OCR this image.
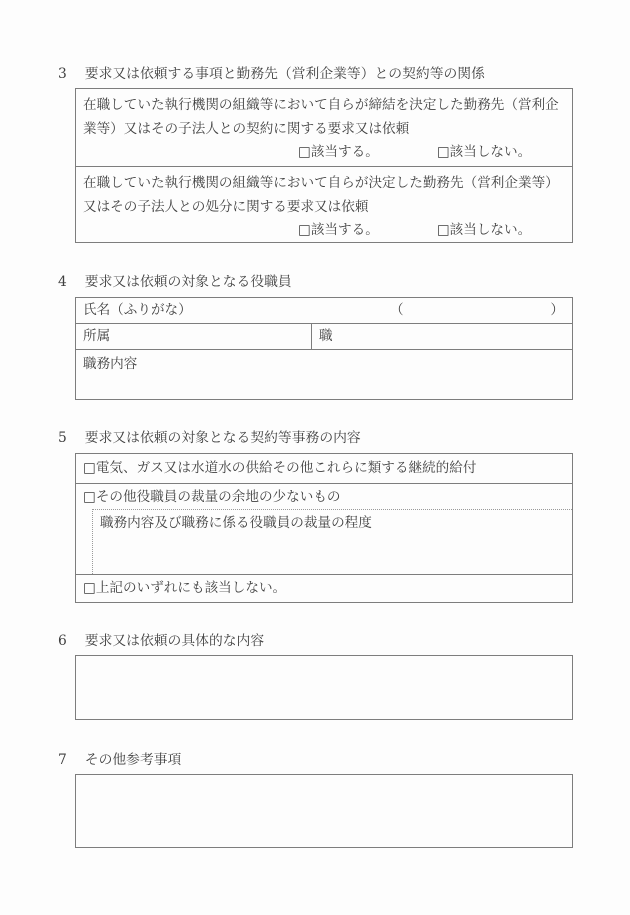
3 要求又は依頼する事項と勤務先（営利企業等）との契約等の関係
在職していた執行機関の組織等において自らが締結を決定した勤務先（営利企業等）又はその子法人との契約に関する要求又は依頼
□ 該当する。	□ 該当しない。
在職していた執行機関の組織等において自らが決定した勤務先（営利企業等）又はその子法人との処分に関する要求又は依頼
□ 該当する。	□ 該当しない。
4 要求又は依頼の対象となる役職員
氏名（ふりがな）	（	）
所属	職
職務内容
5 要求又は依頼の対象となる契約等事務の内容
□電気、ガス又は水道水の供給その他これらに類する継続的給付
□その他役職員の裁量の余地の少ないもの
職務内容及び職務に係る役職員の裁量の程度
□上記のいずれにも該当しない。
6 要求又は依頼の具体的な内容
7 その他参考事項
